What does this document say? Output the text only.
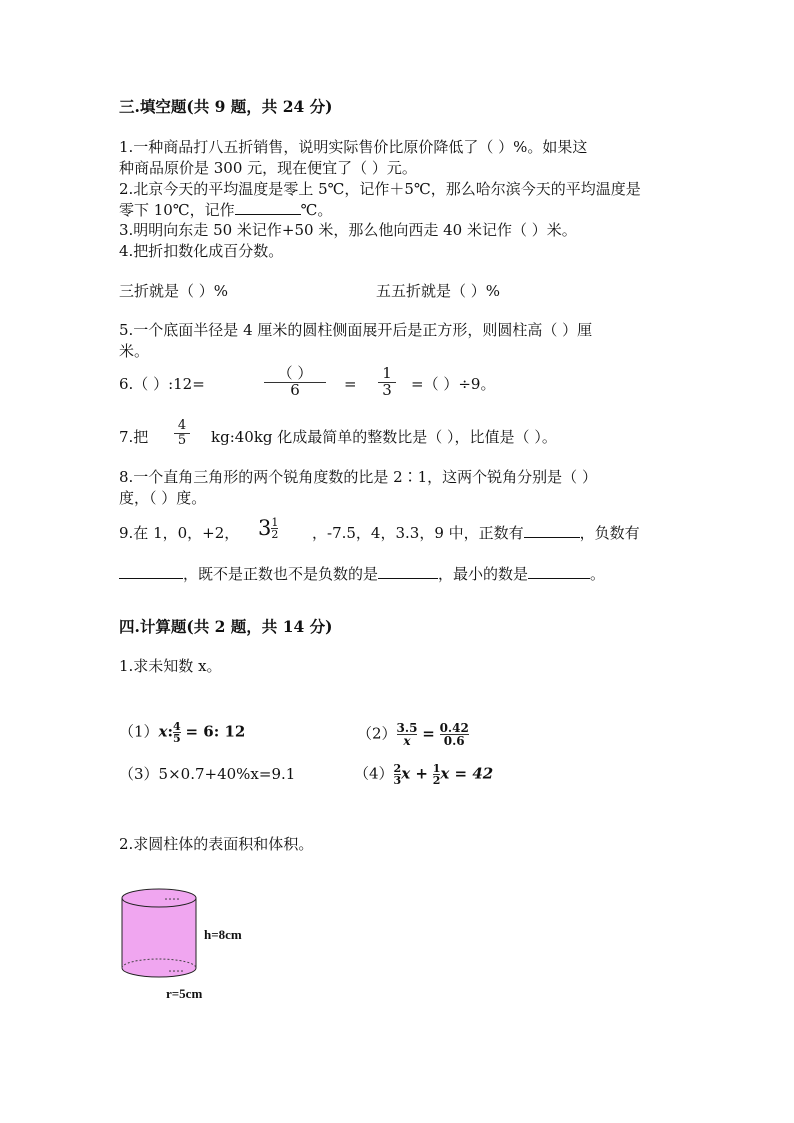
三.填空题(共 9 题，共 24 分)
1.一种商品打八五折销售，说明实际售价比原价降低了（ ）%。如果这
种商品原价是 300 元，现在便宜了（ ）元。
2.北京今天的平均温度是零上 5℃，记作＋5℃，那么哈尔滨今天的平均温度是
零下 10℃，记作	℃。
3.明明向东走 50 米记作+50 米，那么他向西走 40 米记作（ ）米。
4.把折扣数化成百分数。
三折就是（ ）%	五五折就是（ ）%
5.一个底面半径是 4 厘米的圆柱侧面展开后是正方形，则圆柱高（ ）厘
米。
6.（ ）:12=
（ ）
6	= $\frac{1}{3}$ =（ ）÷9。
7.把 $\frac{4}{5}$ kg:40kg 化成最简单的整数比是（ ），比值是（ ）。
8.一个直角三角形的两个锐角度数的比是 2∶1，这两个锐角分别是（ ）
度，（ ）度。
9.在 1，0，+2， $3 \frac{1}{2}$ ，-7.5，4，3.3，9 中，正数有	，负数有
，既不是正数也不是负数的是	，最小的数是	。
四.计算题(共 2 题，共 14 分)
1.求未知数 x。
（1）x: $\frac{4}{5} = 6$: 12	$(2) \frac{3.5}{x} = \frac{0.42}{0.6}$
（3）5×0.7+40%x=9.1	$(4) \frac{2}{3}$ $x + \frac{1}{2}$ x = 42
2.求圆柱体的表面积和体积。
h=8cm
r=5cm
